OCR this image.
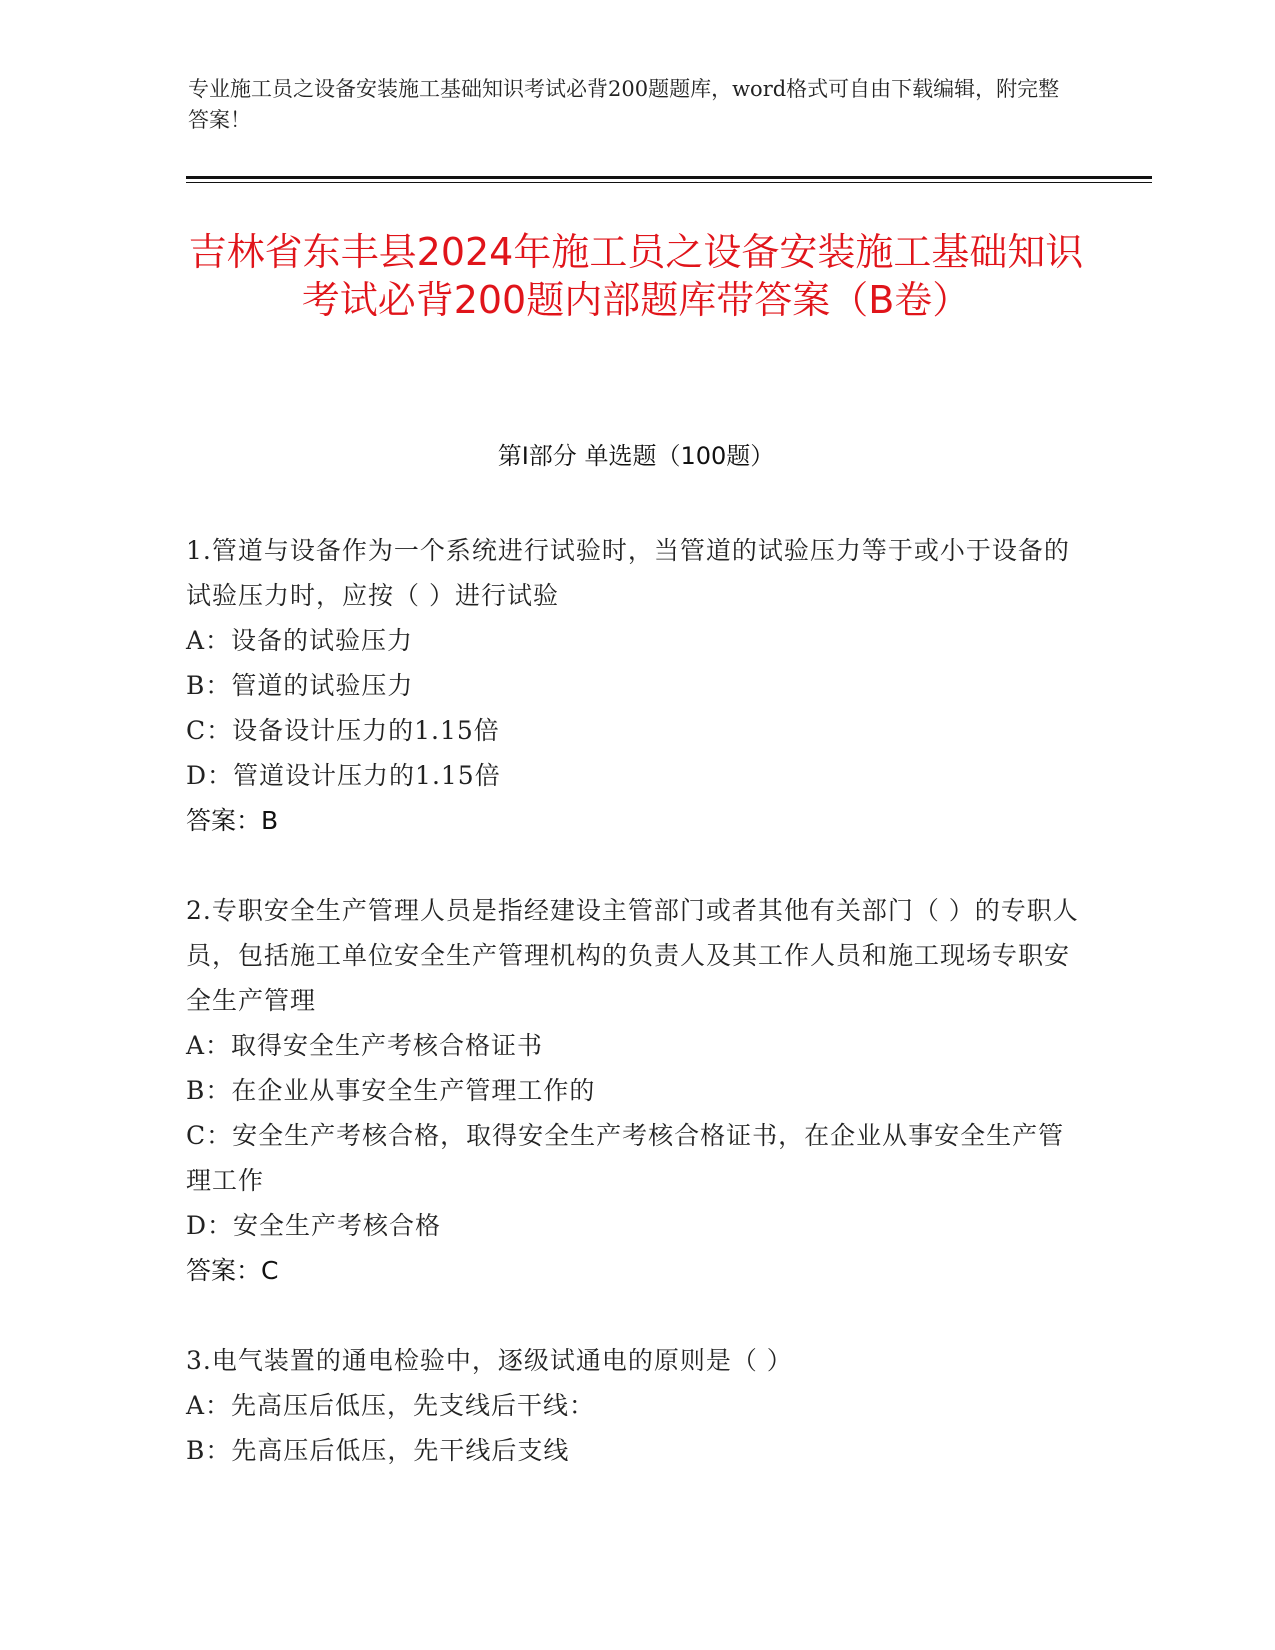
专业施工员之设备安装施工基础知识考试必背200题题库，word格式可自由下载编辑，附完整答案！
吉林省东丰县2024年施工员之设备安装施工基础知识考试必背200题内部题库带答案（B卷）
第Ⅰ部分 单选题（100题）
1.管道与设备作为一个系统进行试验时，当管道的试验压力等于或小于设备的试验压力时，应按（ ）进行试验
A：设备的试验压力
B：管道的试验压力
C：设备设计压力的1.15倍
D：管道设计压力的1.15倍
答案：B
2.专职安全生产管理人员是指经建设主管部门或者其他有关部门（ ）的专职人员，包括施工单位安全生产管理机构的负责人及其工作人员和施工现场专职安全生产管理
A：取得安全生产考核合格证书
B：在企业从事安全生产管理工作的
C：安全生产考核合格，取得安全生产考核合格证书，在企业从事安全生产管理工作
D：安全生产考核合格
答案：C
3.电气装置的通电检验中，逐级试通电的原则是（ ）
A：先高压后低压，先支线后干线：
B：先高压后低压，先干线后支线
